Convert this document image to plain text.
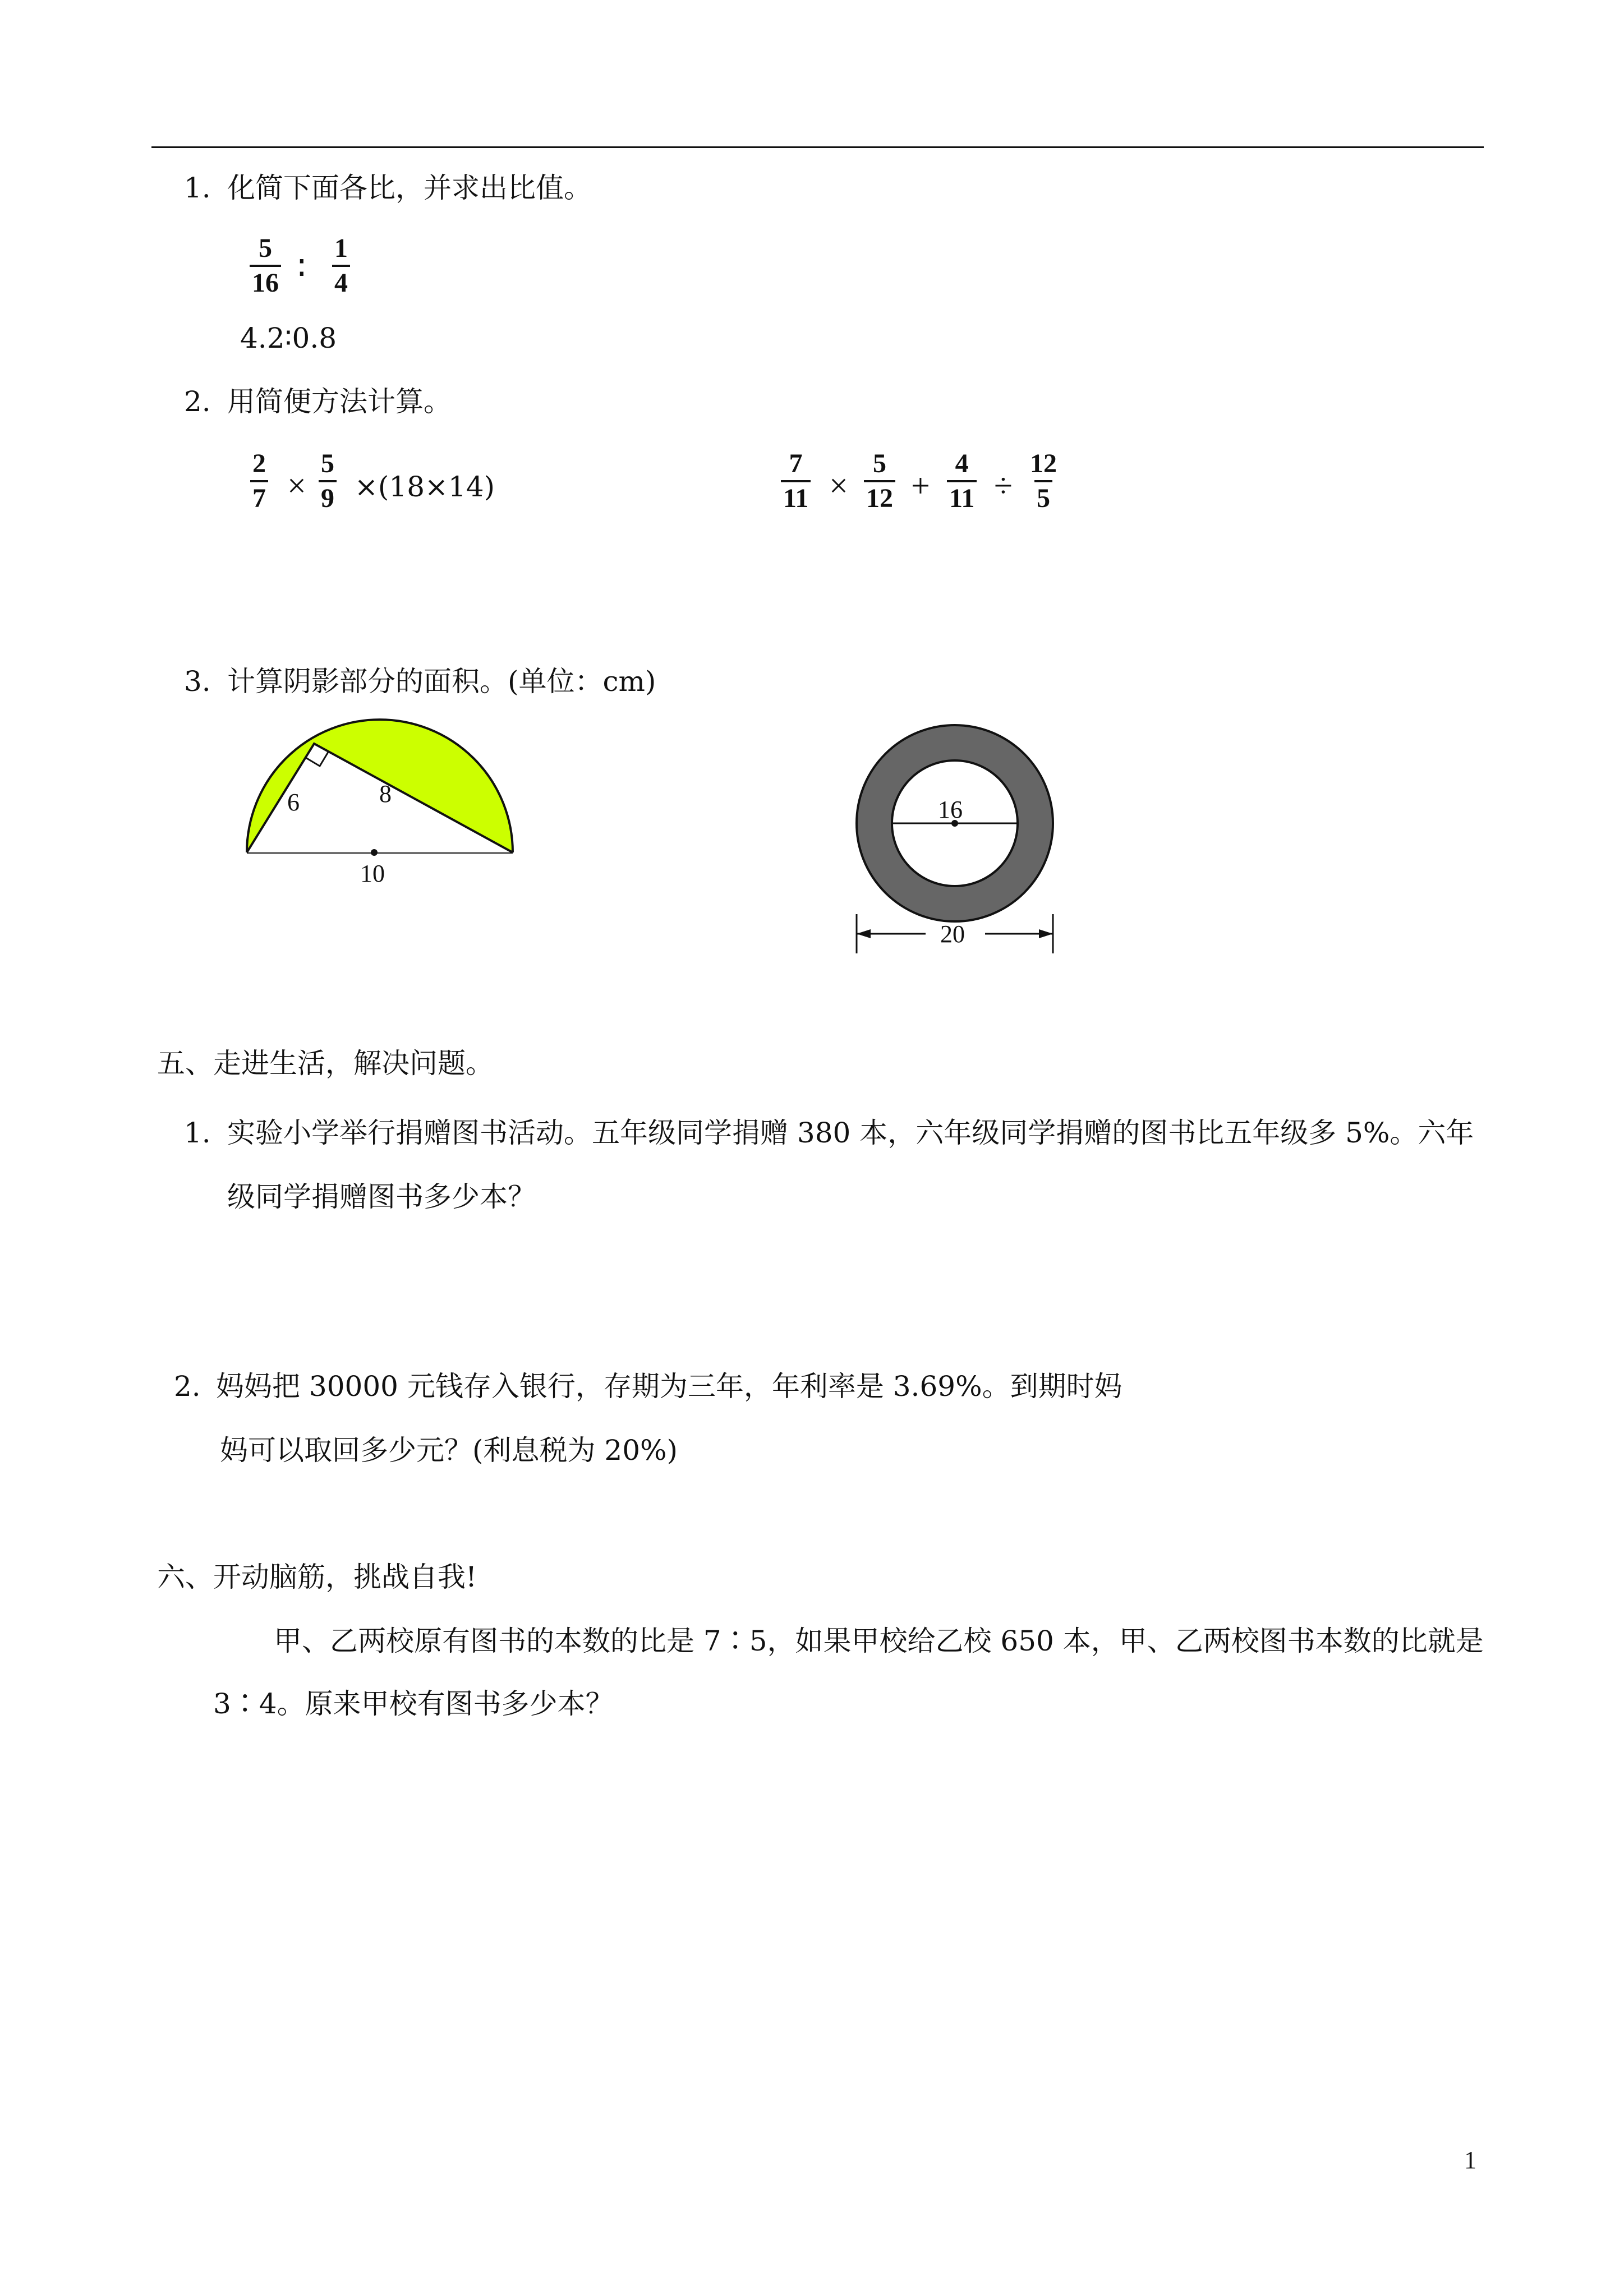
1. 化简下面各比，并求出比值。
$\frac{5}{16}$ ∶ $\frac{1}{4}$
4.2∶0.8
2. 用简便方法计算。
$\frac{2}{7} \times \frac{5}{9} \times(18\times 14)$	$\frac{7}{11} \times \frac{5}{12} + \frac{4}{11} \div \frac{12}{5}$
3. 计算阴影部分的面积。(单位：cm)
6	8
10
16
20
五、走进生活，解决问题。
1. 实验小学举行捐赠图书活动。五年级同学捐赠 380 本，六年级同学捐赠的图书比五年级多 5%。六年
级同学捐赠图书多少本？
2. 妈妈把 30000 元钱存入银行，存期为三年，年利率是 3.69%。到期时妈
妈可以取回多少元？(利息税为 20%)
六、开动脑筋，挑战自我!
甲、乙两校原有图书的本数的比是 7∶5，如果甲校给乙校 650 本，甲、乙两校图书本数的比就是
3∶4。原来甲校有图书多少本？
1
